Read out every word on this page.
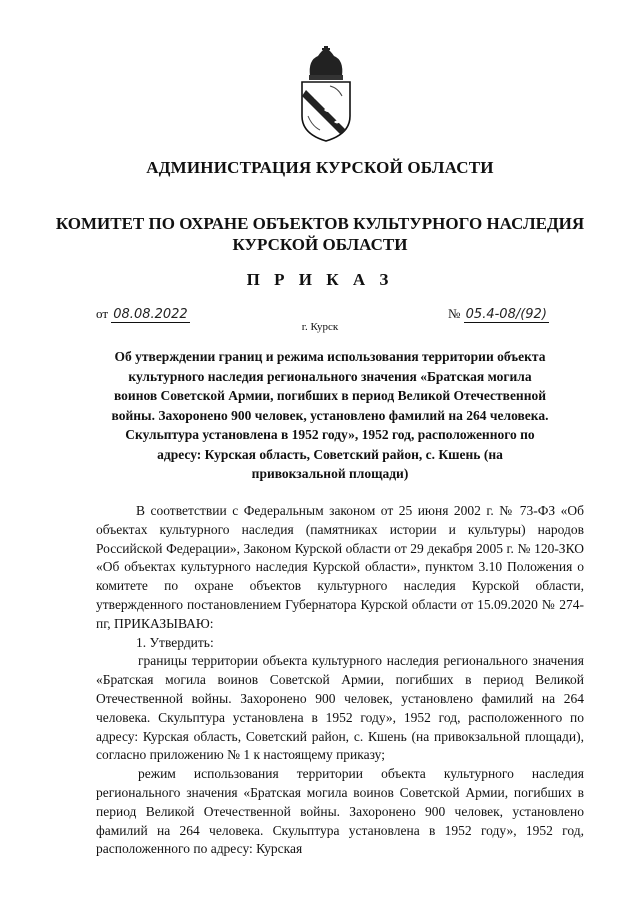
АДМИНИСТРАЦИЯ КУРСКОЙ ОБЛАСТИ
КОМИТЕТ ПО ОХРАНЕ ОБЪЕКТОВ КУЛЬТУРНОГО НАСЛЕДИЯ
КУРСКОЙ ОБЛАСТИ
П Р И К А З
от 08.08.2022	№ 05.4-08/(92)
г. Курск
Об утверждении границ и режима использования территории объекта культурного наследия регионального значения «Братская могила воинов Советской Армии, погибших в период Великой Отечественной войны. Захоронено 900 человек, установлено фамилий на 264 человека. Скульптура установлена в 1952 году», 1952 год, расположенного по адресу: Курская область, Советский район, с. Кшень (на привокзальной площади)

В соответствии с Федеральным законом от 25 июня 2002 г. № 73-ФЗ «Об объектах культурного наследия (памятниках истории и культуры) народов Российской Федерации», Законом Курской области от 29 декабря 2005 г. № 120-ЗКО «Об объектах культурного наследия Курской области», пунктом 3.10 Положения о комитете по охране объектов культурного наследия Курской области, утвержденного постановлением Губернатора Курской области от 15.09.2020 № 274-пг, ПРИКАЗЫВАЮ:

1. Утвердить:

границы территории объекта культурного наследия регионального значения «Братская могила воинов Советской Армии, погибших в период Великой Отечественной войны. Захоронено 900 человек, установлено фамилий на 264 человека. Скульптура установлена в 1952 году», 1952 год, расположенного по адресу: Курская область, Советский район, с. Кшень (на привокзальной площади), согласно приложению № 1 к настоящему приказу;

режим использования территории объекта культурного наследия регионального значения «Братская могила воинов Советской Армии, погибших в период Великой Отечественной войны. Захоронено 900 человек, установлено фамилий на 264 человека. Скульптура установлена в 1952 году», 1952 год, расположенного по адресу: Курская
